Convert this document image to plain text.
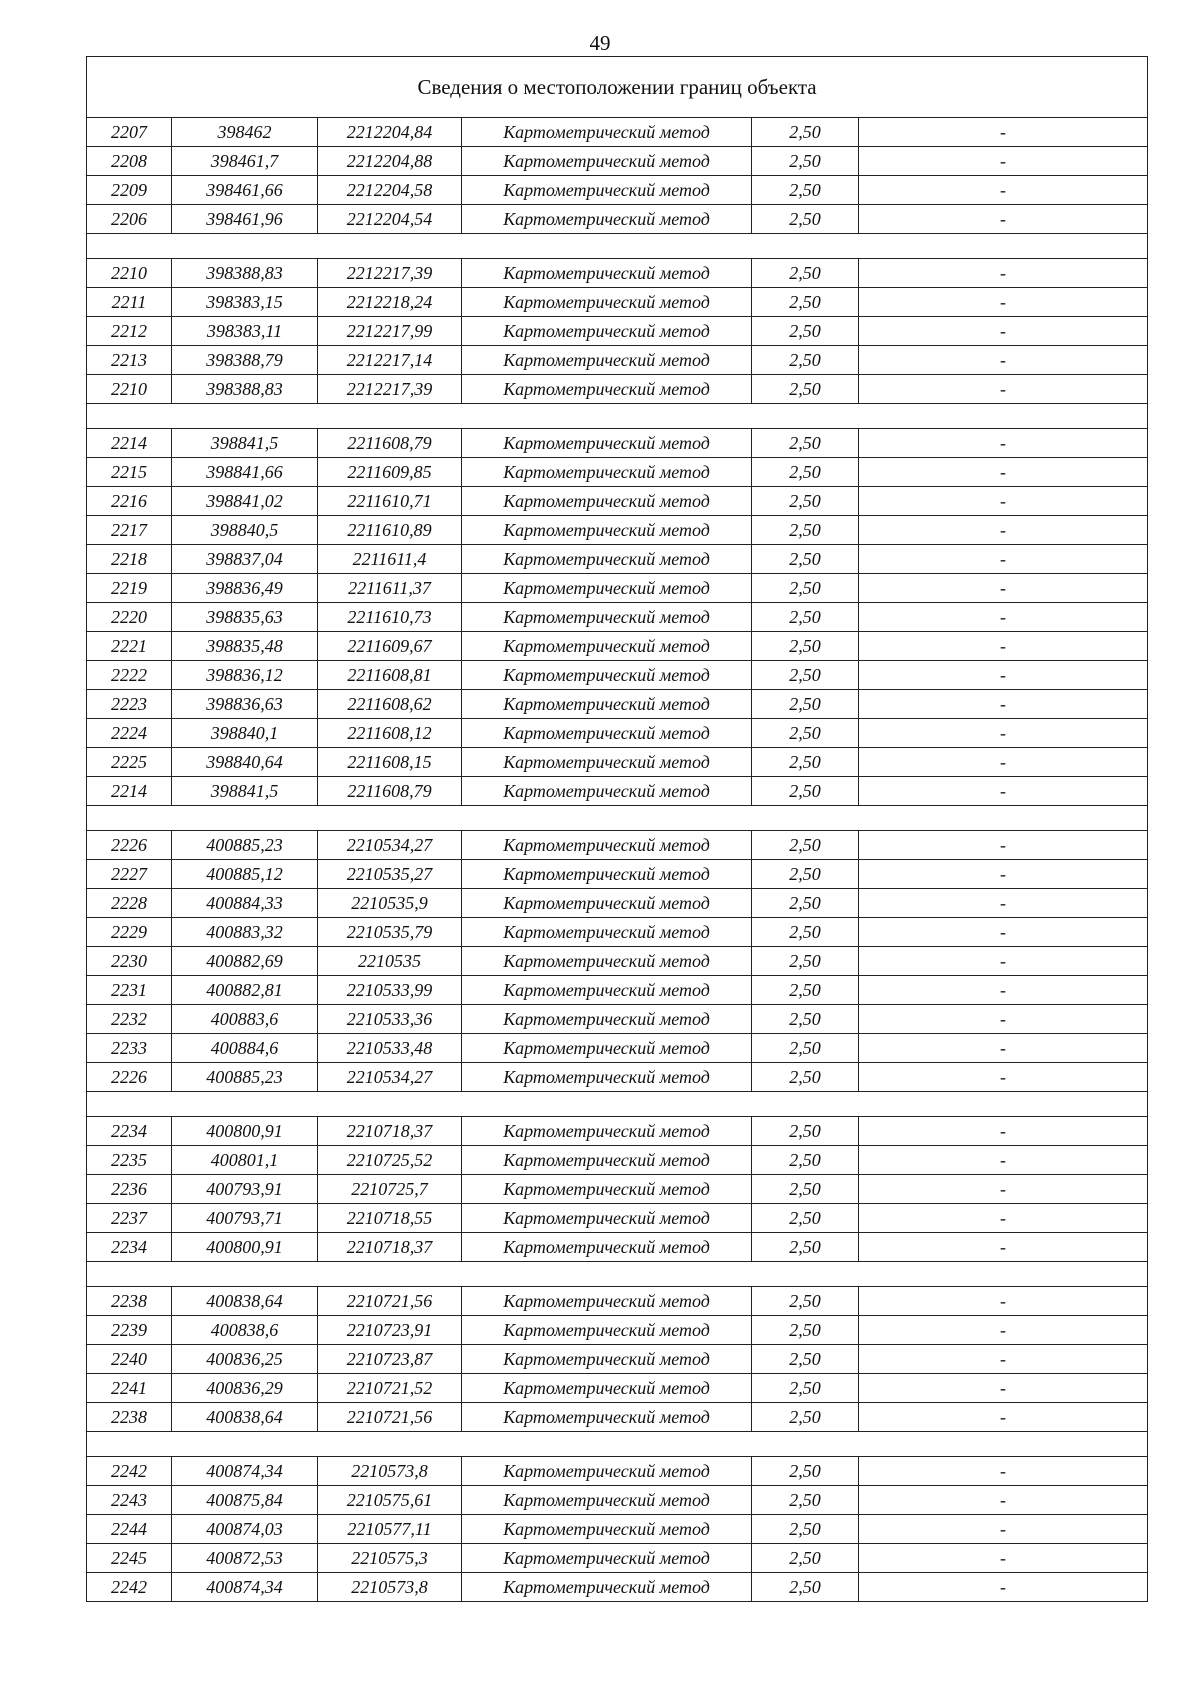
49
Сведения о местоположении границ объекта					
2207	398462	2212204,84	Картометрический метод	2,50	-
2208	398461,7	2212204,88	Картометрический метод	2,50	-
2209	398461,66	2212204,58	Картометрический метод	2,50	-
2206	398461,96	2212204,54	Картометрический метод	2,50	-

2210	398388,83	2212217,39	Картометрический метод	2,50	-
2211	398383,15	2212218,24	Картометрический метод	2,50	-
2212	398383,11	2212217,99	Картометрический метод	2,50	-
2213	398388,79	2212217,14	Картометрический метод	2,50	-
2210	398388,83	2212217,39	Картометрический метод	2,50	-

2214	398841,5	2211608,79	Картометрический метод	2,50	-
2215	398841,66	2211609,85	Картометрический метод	2,50	-
2216	398841,02	2211610,71	Картометрический метод	2,50	-
2217	398840,5	2211610,89	Картометрический метод	2,50	-
2218	398837,04	2211611,4	Картометрический метод	2,50	-
2219	398836,49	2211611,37	Картометрический метод	2,50	-
2220	398835,63	2211610,73	Картометрический метод	2,50	-
2221	398835,48	2211609,67	Картометрический метод	2,50	-
2222	398836,12	2211608,81	Картометрический метод	2,50	-
2223	398836,63	2211608,62	Картометрический метод	2,50	-
2224	398840,1	2211608,12	Картометрический метод	2,50	-
2225	398840,64	2211608,15	Картометрический метод	2,50	-
2214	398841,5	2211608,79	Картометрический метод	2,50	-

2226	400885,23	2210534,27	Картометрический метод	2,50	-
2227	400885,12	2210535,27	Картометрический метод	2,50	-
2228	400884,33	2210535,9	Картометрический метод	2,50	-
2229	400883,32	2210535,79	Картометрический метод	2,50	-
2230	400882,69	2210535	Картометрический метод	2,50	-
2231	400882,81	2210533,99	Картометрический метод	2,50	-
2232	400883,6	2210533,36	Картометрический метод	2,50	-
2233	400884,6	2210533,48	Картометрический метод	2,50	-
2226	400885,23	2210534,27	Картометрический метод	2,50	-

2234	400800,91	2210718,37	Картометрический метод	2,50	-
2235	400801,1	2210725,52	Картометрический метод	2,50	-
2236	400793,91	2210725,7	Картометрический метод	2,50	-
2237	400793,71	2210718,55	Картометрический метод	2,50	-
2234	400800,91	2210718,37	Картометрический метод	2,50	-

2238	400838,64	2210721,56	Картометрический метод	2,50	-
2239	400838,6	2210723,91	Картометрический метод	2,50	-
2240	400836,25	2210723,87	Картометрический метод	2,50	-
2241	400836,29	2210721,52	Картометрический метод	2,50	-
2238	400838,64	2210721,56	Картометрический метод	2,50	-

2242	400874,34	2210573,8	Картометрический метод	2,50	-
2243	400875,84	2210575,61	Картометрический метод	2,50	-
2244	400874,03	2210577,11	Картометрический метод	2,50	-
2245	400872,53	2210575,3	Картометрический метод	2,50	-
2242	400874,34	2210573,8	Картометрический метод	2,50	-
